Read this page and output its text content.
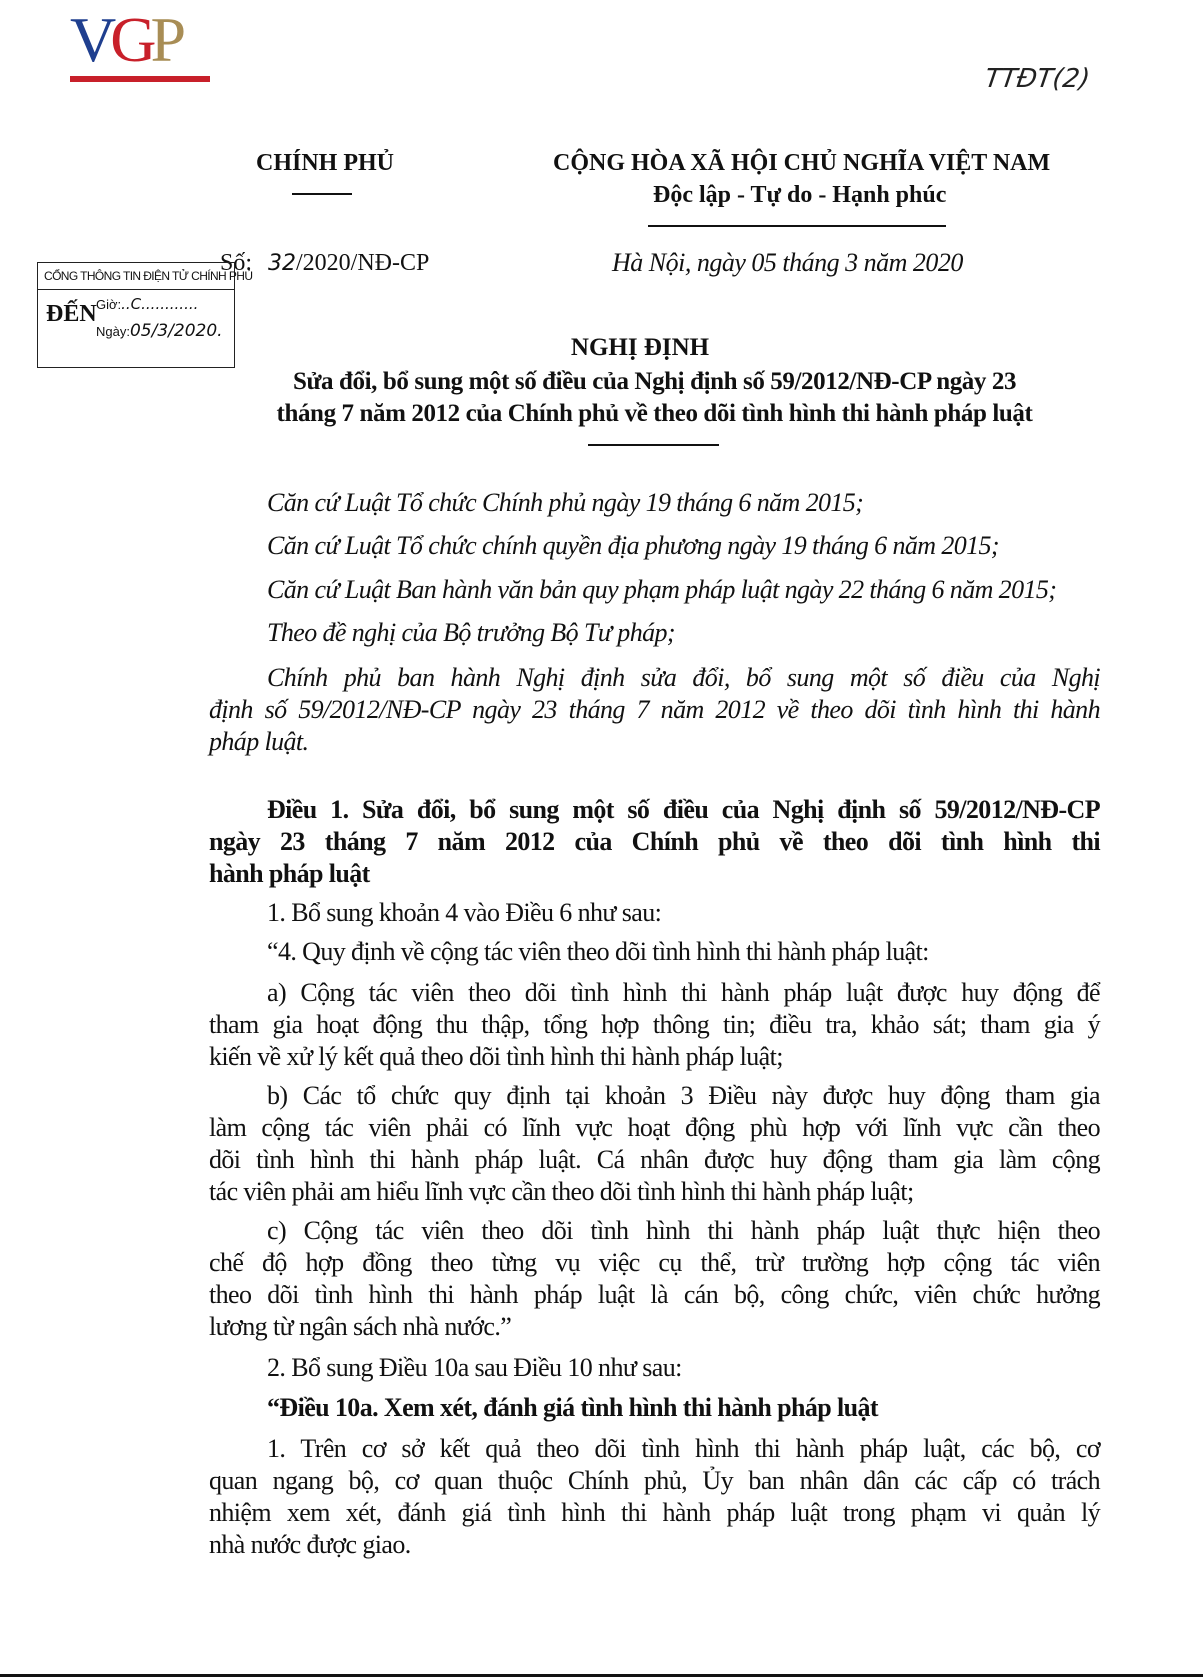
VGP
TTĐT(2)
CHÍNH PHỦ	CỘNG HÒA XÃ HỘI CHỦ NGHĨA VIỆT NAM
Độc lập - Tự do - Hạnh phúc
Số: 32/2020/NĐ-CP	Hà Nội, ngày 05 tháng 3 năm 2020
CỔNG THÔNG TIN ĐIỆN TỬ CHÍNH PHỦ
ĐẾN Giờ:..C............
Ngày:05/3/2020.
NGHỊ ĐỊNH
Sửa đổi, bổ sung một số điều của Nghị định số 59/2012/NĐ-CP ngày 23
tháng 7 năm 2012 của Chính phủ về theo dõi tình hình thi hành pháp luật
Căn cứ Luật Tổ chức Chính phủ ngày 19 tháng 6 năm 2015;
Căn cứ Luật Tổ chức chính quyền địa phương ngày 19 tháng 6 năm 2015;
Căn cứ Luật Ban hành văn bản quy phạm pháp luật ngày 22 tháng 6 năm 2015;
Theo đề nghị của Bộ trưởng Bộ Tư pháp;
Chính phủ ban hành Nghị định sửa đổi, bổ sung một số điều của Nghị
định số 59/2012/NĐ-CP ngày 23 tháng 7 năm 2012 về theo dõi tình hình thi hành
pháp luật.
Điều 1. Sửa đổi, bổ sung một số điều của Nghị định số 59/2012/NĐ-CP
ngày 23 tháng 7 năm 2012 của Chính phủ về theo dõi tình hình thi
hành pháp luật
1. Bổ sung khoản 4 vào Điều 6 như sau:
“4. Quy định về cộng tác viên theo dõi tình hình thi hành pháp luật:
a) Cộng tác viên theo dõi tình hình thi hành pháp luật được huy động để
tham gia hoạt động thu thập, tổng hợp thông tin; điều tra, khảo sát; tham gia ý
kiến về xử lý kết quả theo dõi tình hình thi hành pháp luật;
b) Các tổ chức quy định tại khoản 3 Điều này được huy động tham gia
làm cộng tác viên phải có lĩnh vực hoạt động phù hợp với lĩnh vực cần theo
dõi tình hình thi hành pháp luật. Cá nhân được huy động tham gia làm cộng
tác viên phải am hiểu lĩnh vực cần theo dõi tình hình thi hành pháp luật;
c) Cộng tác viên theo dõi tình hình thi hành pháp luật thực hiện theo
chế độ hợp đồng theo từng vụ việc cụ thể, trừ trường hợp cộng tác viên
theo dõi tình hình thi hành pháp luật là cán bộ, công chức, viên chức hưởng
lương từ ngân sách nhà nước.”
2. Bổ sung Điều 10a sau Điều 10 như sau:
“Điều 10a. Xem xét, đánh giá tình hình thi hành pháp luật
1. Trên cơ sở kết quả theo dõi tình hình thi hành pháp luật, các bộ, cơ
quan ngang bộ, cơ quan thuộc Chính phủ, Ủy ban nhân dân các cấp có trách
nhiệm xem xét, đánh giá tình hình thi hành pháp luật trong phạm vi quản lý
nhà nước được giao.
